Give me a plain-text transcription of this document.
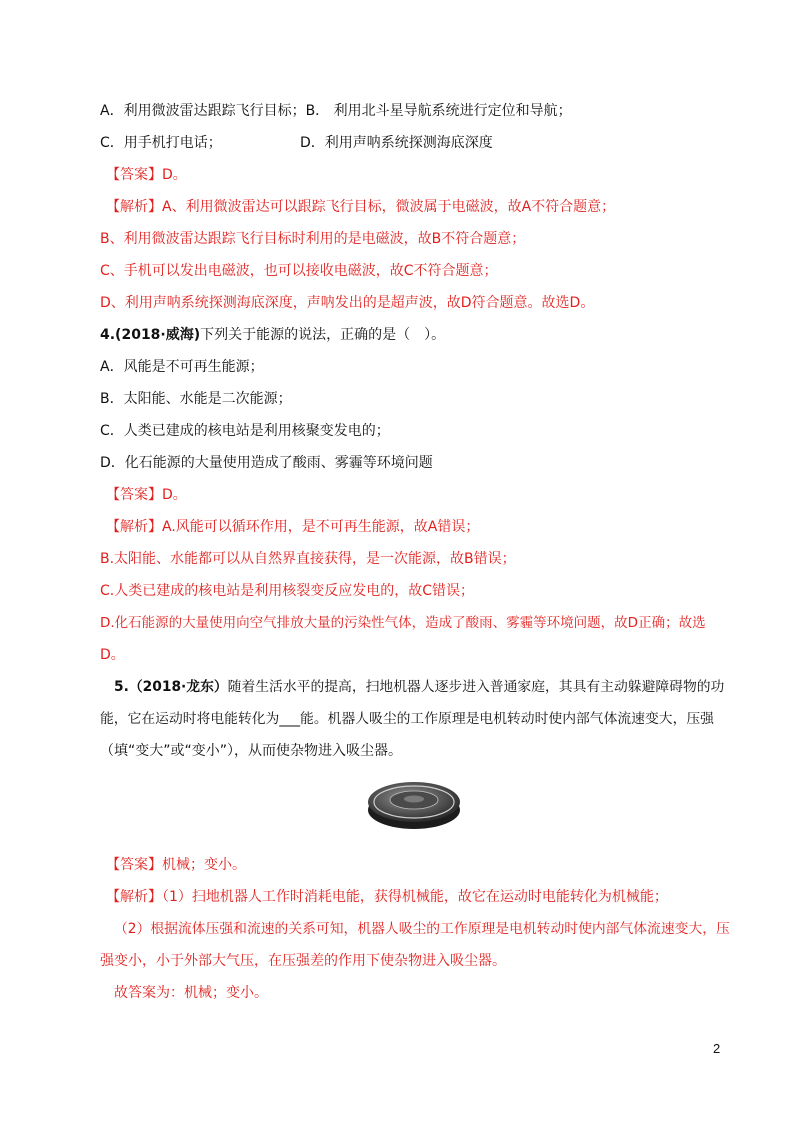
A．利用微波雷达跟踪飞行目标；B． 利用北斗星导航系统进行定位和导航；
C．用手机打电话；	D．利用声呐系统探测海底深度
【答案】D。
【解析】A、利用微波雷达可以跟踪飞行目标，微波属于电磁波，故A不符合题意；
B、利用微波雷达跟踪飞行目标时利用的是电磁波，故B不符合题意；
C、手机可以发出电磁波，也可以接收电磁波，故C不符合题意；
D、利用声呐系统探测海底深度，声呐发出的是超声波，故D符合题意。故选D。
4.(2018·威海)下列关于能源的说法，正确的是（　）。
A．风能是不可再生能源；
B．太阳能、水能是二次能源；
C．人类已建成的核电站是利用核聚变发电的；
D．化石能源的大量使用造成了酸雨、雾霾等环境问题
【答案】D。
【解析】A.风能可以循环作用，是不可再生能源，故A错误；
B.太阳能、水能都可以从自然界直接获得，是一次能源，故B错误；
C.人类已建成的核电站是利用核裂变反应发电的，故C错误；
D.化石能源的大量使用向空气排放大量的污染性气体，造成了酸雨、雾霾等环境问题，故D正确；故选
D。
5.（2018·龙东）随着生活水平的提高，扫地机器人逐步进入普通家庭，其具有主动躲避障碍物的功
能，它在运动时将电能转化为___能。机器人吸尘的工作原理是电机转动时使内部气体流速变大，压强
（填“变大”或“变小”），从而使杂物进入吸尘器。
【答案】机械；变小。
【解析】（1）扫地机器人工作时消耗电能，获得机械能，故它在运动时电能转化为机械能；
（2）根据流体压强和流速的关系可知，机器人吸尘的工作原理是电机转动时使内部气体流速变大，压
强变小，小于外部大气压，在压强差的作用下使杂物进入吸尘器。
故答案为：机械；变小。
2
